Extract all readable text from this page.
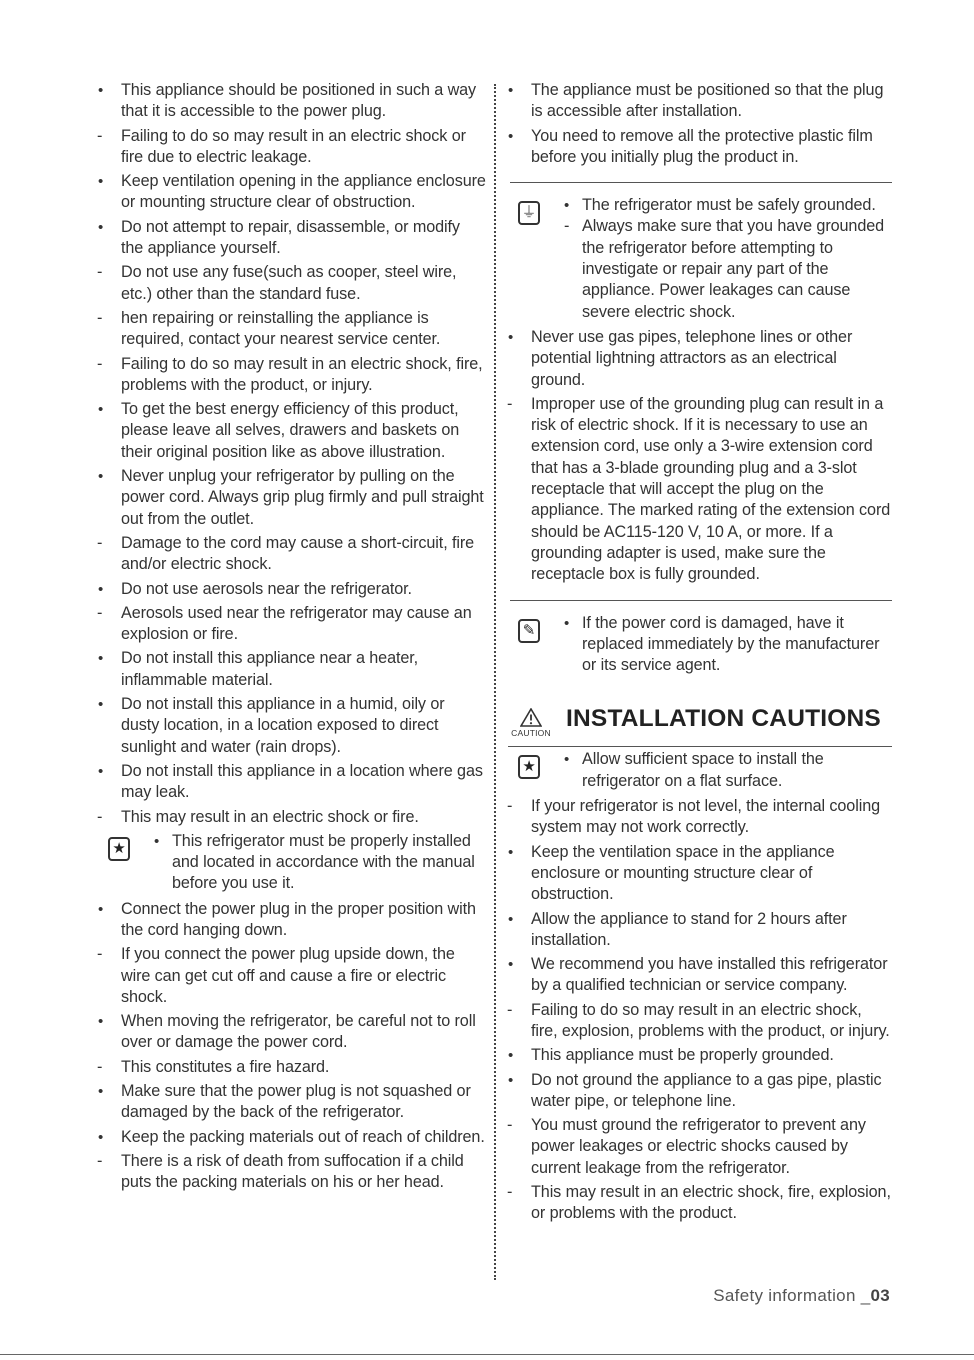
•
This appliance should be positioned in such a way that it is accessible to the power plug.
-
Failing to do so may result in an electric shock or fire due to electric leakage.
•
Keep ventilation opening in the appliance enclosure or mounting structure clear of obstruction.
•
Do not attempt to repair, disassemble, or modify the appliance yourself.
-
Do not use any fuse(such as cooper, steel wire, etc.) other than the standard fuse.
-
hen repairing or reinstalling the appliance is required, contact your nearest service center.
-
Failing to do so may result in an electric shock, fire, problems with the product, or injury.
•
To get the best energy efficiency of this product, please leave all selves, drawers and baskets on their original position like as above illustration.
•
Never unplug your refrigerator by pulling on the power cord. Always grip plug firmly and pull straight out from the outlet.
-
Damage to the cord may cause a short-circuit, fire and/or electric shock.
•
Do not use aerosols near the refrigerator.
-
Aerosols used near the refrigerator may cause an explosion or fire.
•
Do not install this appliance near a heater, inflammable material.
•
Do not install this appliance in a humid, oily or dusty location, in a location exposed to direct sunlight and water (rain drops).
•
Do not install this appliance in a location where gas may leak.
-
This may result in an electric shock or fire.
★ •	This refrigerator must be properly installed and located in accordance with the manual before you use it.
•
Connect the power plug in the proper position with the cord hanging down.
-
If you connect the power plug upside down, the wire can get cut off and cause a fire or electric shock.
•
When moving the refrigerator, be careful not to roll over or damage the power cord.
-
This constitutes a fire hazard.
•
Make sure that the power plug is not squashed or damaged by the back of the refrigerator.
•
Keep the packing materials out of reach of children.
-
There is a risk of death from suffocation if a child puts the packing materials on his or her head.
•
The appliance must be positioned so that the plug is accessible after installation.
•
You need to remove all the protective plastic film before you initially plug the product in.
⏚ •	The refrigerator must be safely grounded.
-
Always make sure that you have grounded the refrigerator before attempting to investigate or repair any part of the appliance. Power leakages can cause severe electric shock.
•
Never use gas pipes, telephone lines or other potential lightning attractors as an electrical ground.
-
Improper use of the grounding plug can result in a risk of electric shock. If it is necessary to use an extension cord, use only a 3-wire extension cord that has a 3-blade grounding plug and a 3-slot receptacle that will accept the plug on the appliance. The marked rating of the extension cord should be AC115-120 V, 10 A, or more. If a grounding adapter is used, make sure the receptacle box is fully grounded.
✎ •	If the power cord is damaged, have it replaced immediately by the manufacturer or its service agent.
CAUTION
INSTALLATION CAUTIONS
★ •	Allow sufficient space to install the refrigerator on a flat surface.
-
If your refrigerator is not level, the internal cooling system may not work correctly.
•
Keep the ventilation space in the appliance enclosure or mounting structure clear of obstruction.
•
Allow the appliance to stand for 2 hours after installation.
•
We recommend you have installed this refrigerator by a qualified technician or service company.
-
Failing to do so may result in an electric shock, fire, explosion, problems with the product, or injury.
•
This appliance must be properly grounded.
•
Do not ground the appliance to a gas pipe, plastic water pipe, or telephone line.
-
You must ground the refrigerator to prevent any power leakages or electric shocks caused by current leakage from the refrigerator.
-
This may result in an electric shock, fire, explosion, or problems with the product.
Safety information _03
